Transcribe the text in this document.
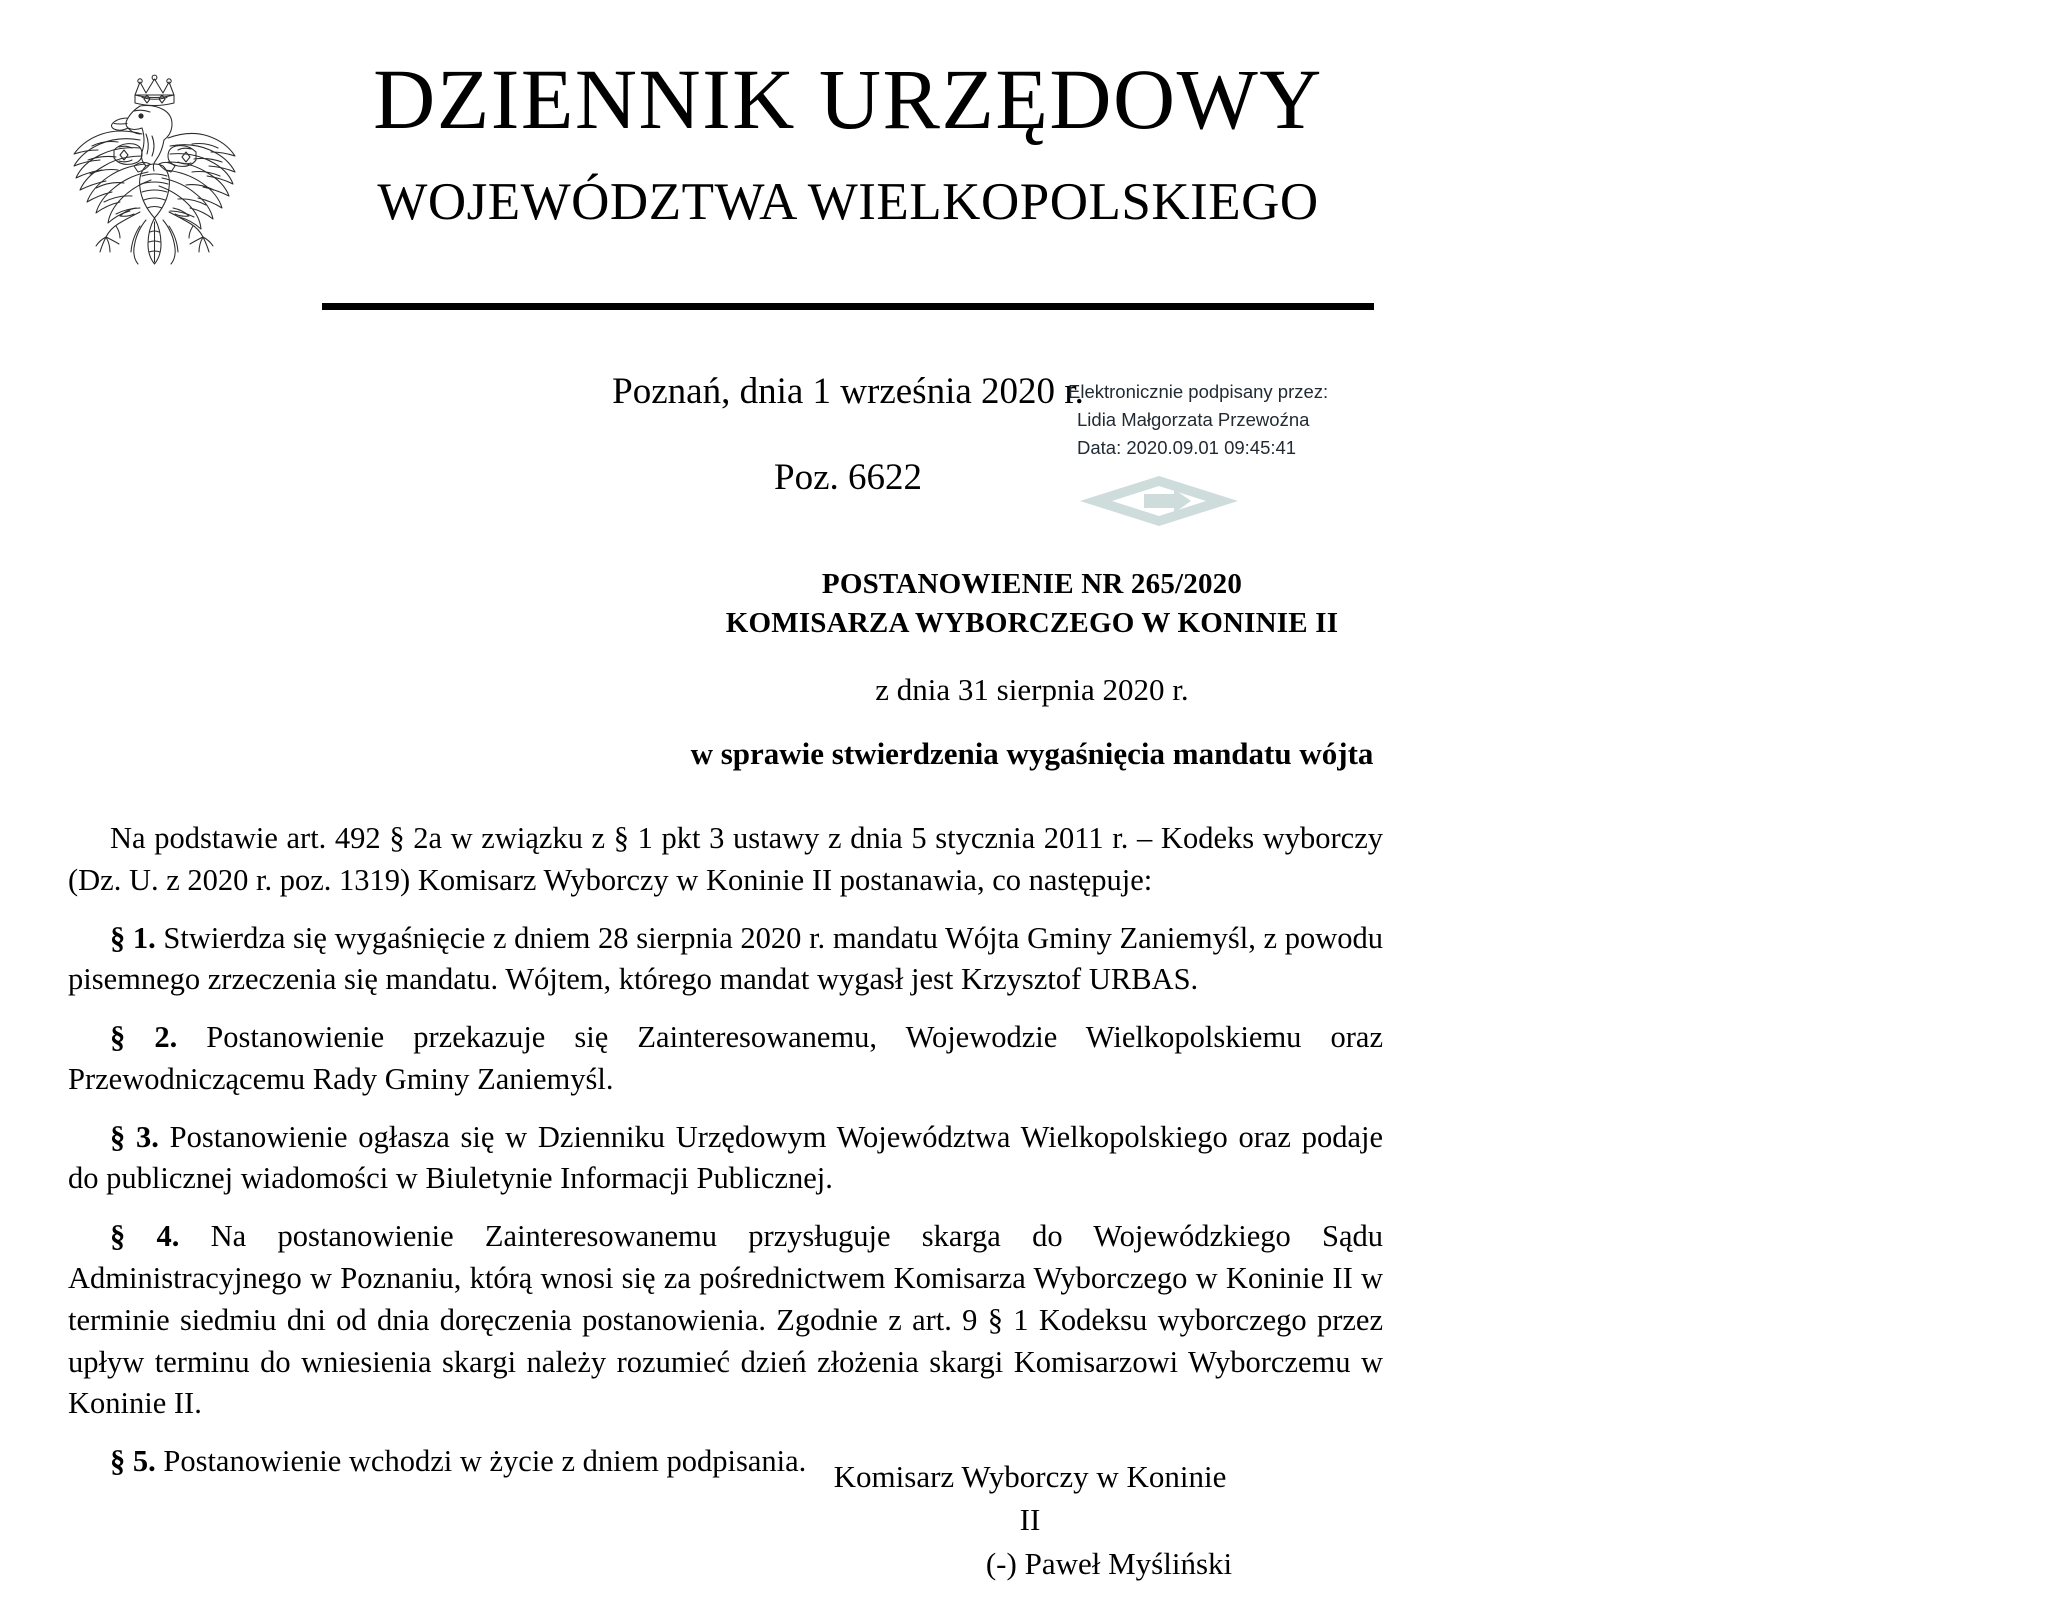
DZIENNIK URZĘDOWY
WOJEWÓDZTWA WIELKOPOLSKIEGO
Poznań, dnia 1 września 2020 r.
Poz. 6622
Elektronicznie podpisany przez:
Lidia Małgorzata Przewoźna
Data: 2020.09.01 09:45:41
POSTANOWIENIE NR 265/2020
KOMISARZA WYBORCZEGO W KONINIE II
z dnia 31 sierpnia 2020 r.
w sprawie stwierdzenia wygaśnięcia mandatu wójta

Na podstawie art. 492 § 2a w związku z § 1 pkt 3 ustawy z dnia 5 stycznia 2011 r. – Kodeks wyborczy (Dz. U. z 2020 r. poz. 1319) Komisarz Wyborczy w Koninie II postanawia, co następuje:

§ 1. Stwierdza się wygaśnięcie z dniem 28 sierpnia 2020 r. mandatu Wójta Gminy Zaniemyśl, z powodu pisemnego zrzeczenia się mandatu. Wójtem, którego mandat wygasł jest Krzysztof URBAS.

§ 2. Postanowienie przekazuje się Zainteresowanemu, Wojewodzie Wielkopolskiemu oraz Przewodniczącemu Rady Gminy Zaniemyśl.

§ 3. Postanowienie ogłasza się w Dzienniku Urzędowym Województwa Wielkopolskiego oraz podaje do publicznej wiadomości w Biuletynie Informacji Publicznej.

§ 4. Na postanowienie Zainteresowanemu przysługuje skarga do Wojewódzkiego Sądu Administracyjnego w Poznaniu, którą wnosi się za pośrednictwem Komisarza Wyborczego w Koninie II w terminie siedmiu dni od dnia doręczenia postanowienia. Zgodnie z art. 9 § 1 Kodeksu wyborczego przez upływ terminu do wniesienia skargi należy rozumieć dzień złożenia skargi Komisarzowi Wyborczemu w Koninie II.

§ 5. Postanowienie wchodzi w życie z dniem podpisania. Komisarz Wyborczy w Koninie II
(-) Paweł Myśliński
